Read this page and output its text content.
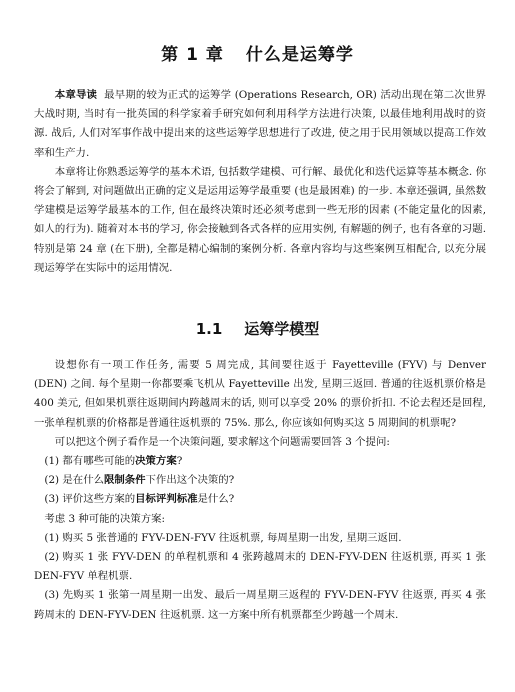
第 1 章 什么是运筹学

本章导读 最早期的较为正式的运筹学 (Operations Research, OR) 活动出现在第二次世界大战时期, 当时有一批英国的科学家着手研究如何利用科学方法进行决策, 以最佳地利用战时的资源. 战后, 人们对军事作战中提出来的这些运筹学思想进行了改进, 使之用于民用领域以提高工作效率和生产力.

本章将让你熟悉运筹学的基本术语, 包括数学建模、可行解、最优化和迭代运算等基本概念. 你将会了解到, 对问题做出正确的定义是运用运筹学最重要 (也是最困难) 的一步. 本章还强调, 虽然数学建模是运筹学最基本的工作, 但在最终决策时还必须考虑到一些无形的因素 (不能定量化的因素, 如人的行为). 随着对本书的学习, 你会接触到各式各样的应用实例, 有解题的例子, 也有各章的习题. 特别是第 24 章 (在下册), 全都是精心编制的案例分析. 各章内容均与这些案例互相配合, 以充分展现运筹学在实际中的运用情况.

1.1 运筹学模型

设想你有一项工作任务, 需要 5 周完成, 其间要往返于 Fayetteville (FYV) 与 Denver (DEN) 之间. 每个星期一你都要乘飞机从 Fayetteville 出发, 星期三返回. 普通的往返机票价格是 400 美元, 但如果机票往返期间内跨越周末的话, 则可以享受 20% 的票价折扣. 不论去程还是回程, 一张单程机票的价格都是普通往返机票的 75%. 那么, 你应该如何购买这 5 周期间的机票呢?

可以把这个例子看作是一个决策问题, 要求解这个问题需要回答 3 个提问:

(1) 都有哪些可能的决策方案?

(2) 是在什么限制条件下作出这个决策的?

(3) 评价这些方案的目标评判标准是什么?

考虑 3 种可能的决策方案:

(1) 购买 5 张普通的 FYV-DEN-FYV 往返机票, 每周星期一出发, 星期三返回.

(2) 购买 1 张 FYV-DEN 的单程机票和 4 张跨越周末的 DEN-FYV-DEN 往返机票, 再买 1 张 DEN-FYV 单程机票.

(3) 先购买 1 张第一周星期一出发、最后一周星期三返程的 FYV-DEN-FYV 往返票, 再买 4 张跨周末的 DEN-FYV-DEN 往返机票. 这一方案中所有机票都至少跨越一个周末.
